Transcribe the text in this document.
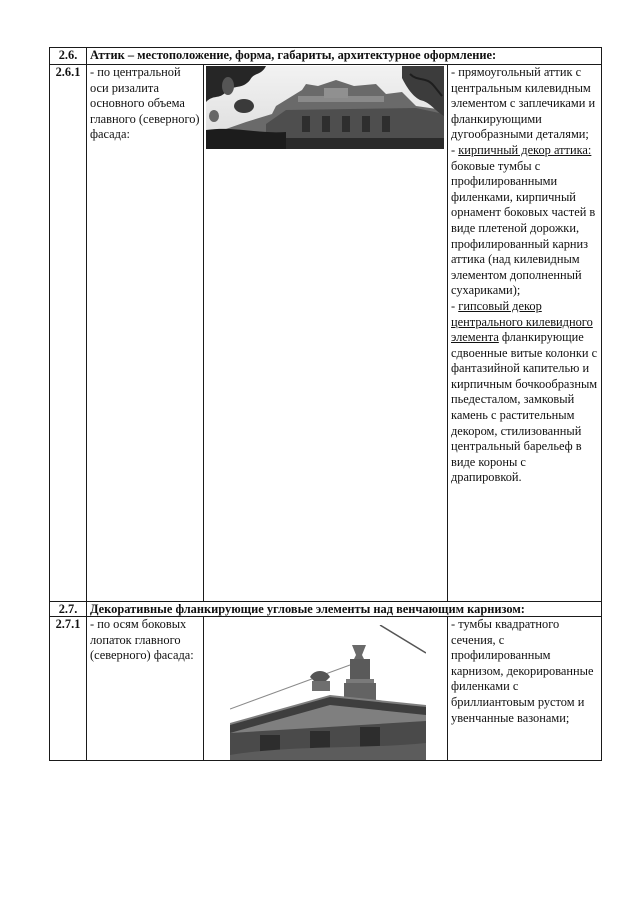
2.6.	Аттик – местоположение, форма, габариты, архитектурное оформление:		
2.6.1	- по центральной оси ризалита основного объема главного (северного) фасада:		- прямоугольный аттик с центральным килевидным элементом с заплечиками и фланкирующими дугообразными деталями;
- кирпичный декор аттика: боковые тумбы с профилированными филенками, кирпичный орнамент боковых частей в виде плетеной дорожки, профилированный карниз аттика (над килевидным элементом дополненный сухариками);
- гипсовый декор центрального килевидного элемента фланкирующие сдвоенные витые колонки с фантазийной капителью и кирпичным бочкообразным пьедесталом, замковый камень с растительным декором, стилизованный центральный барельеф в виде короны с драпировкой.

2.7.	Декоративные фланкирующие угловые элементы над венчающим карнизом:		
2.7.1	- по осям боковых лопаток главного (северного) фасада:		- тумбы квадратного сечения, с профилированным карнизом, декорированные филенками с бриллиантовым рустом и увенчанные вазонами;
